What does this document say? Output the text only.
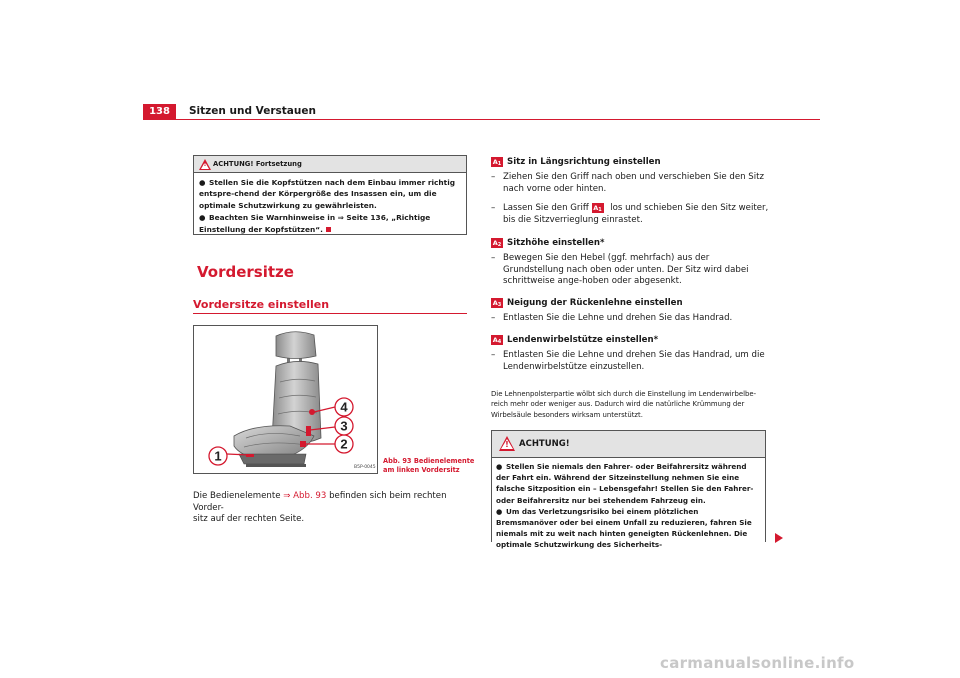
138	Sitzen und Verstauen
! ACHTUNG! Fortsetzung

● Stellen Sie die Kopfstützen nach dem Einbau immer richtig entspre-chend der Körpergröße des Insassen ein, um die optimale Schutzwirkung zu gewährleisten.

● Beachten Sie Warnhinweise in ⇒ Seite 136, „Richtige Einstellung der Kopfstützen“.

Vordersitze
Vordersitze einstellen
1
2
3
4
B5P-0045
Abb. 93 Bedienelemente
am linken Vordersitz
Die Bedienelemente ⇒ Abb. 93 befinden sich beim rechten Vorder-
sitz auf der rechten Seite.
A1 Sitz in Längsrichtung einstellen
– Ziehen Sie den Griff nach oben und verschieben Sie den Sitz nach vorne oder hinten.
– Lassen Sie den Griff A1 los und schieben Sie den Sitz weiter, bis die Sitzverrieglung einrastet.
A2 Sitzhöhe einstellen*
– Bewegen Sie den Hebel (ggf. mehrfach) aus der Grundstellung nach oben oder unten. Der Sitz wird dabei schrittweise ange-hoben oder abgesenkt.
A3 Neigung der Rückenlehne einstellen
– Entlasten Sie die Lehne und drehen Sie das Handrad.
A4 Lendenwirbelstütze einstellen*
– Entlasten Sie die Lehne und drehen Sie das Handrad, um die Lendenwirbelstütze einzustellen.
Die Lehnenpolsterpartie wölbt sich durch die Einstellung im Lendenwirbelbe-reich mehr oder weniger aus. Dadurch wird die natürliche Krümmung der Wirbelsäule besonders wirksam unterstützt.
! ACHTUNG!

● Stellen Sie niemals den Fahrer- oder Beifahrersitz während der Fahrt ein. Während der Sitzeinstellung nehmen Sie eine falsche Sitzposition ein – Lebensgefahr! Stellen Sie den Fahrer- oder Beifahrersitz nur bei stehendem Fahrzeug ein.

● Um das Verletzungsrisiko bei einem plötzlichen Bremsmanöver oder bei einem Unfall zu reduzieren, fahren Sie niemals mit zu weit nach hinten geneigten Rückenlehnen. Die optimale Schutzwirkung des Sicherheits-

carmanualsonline.info
